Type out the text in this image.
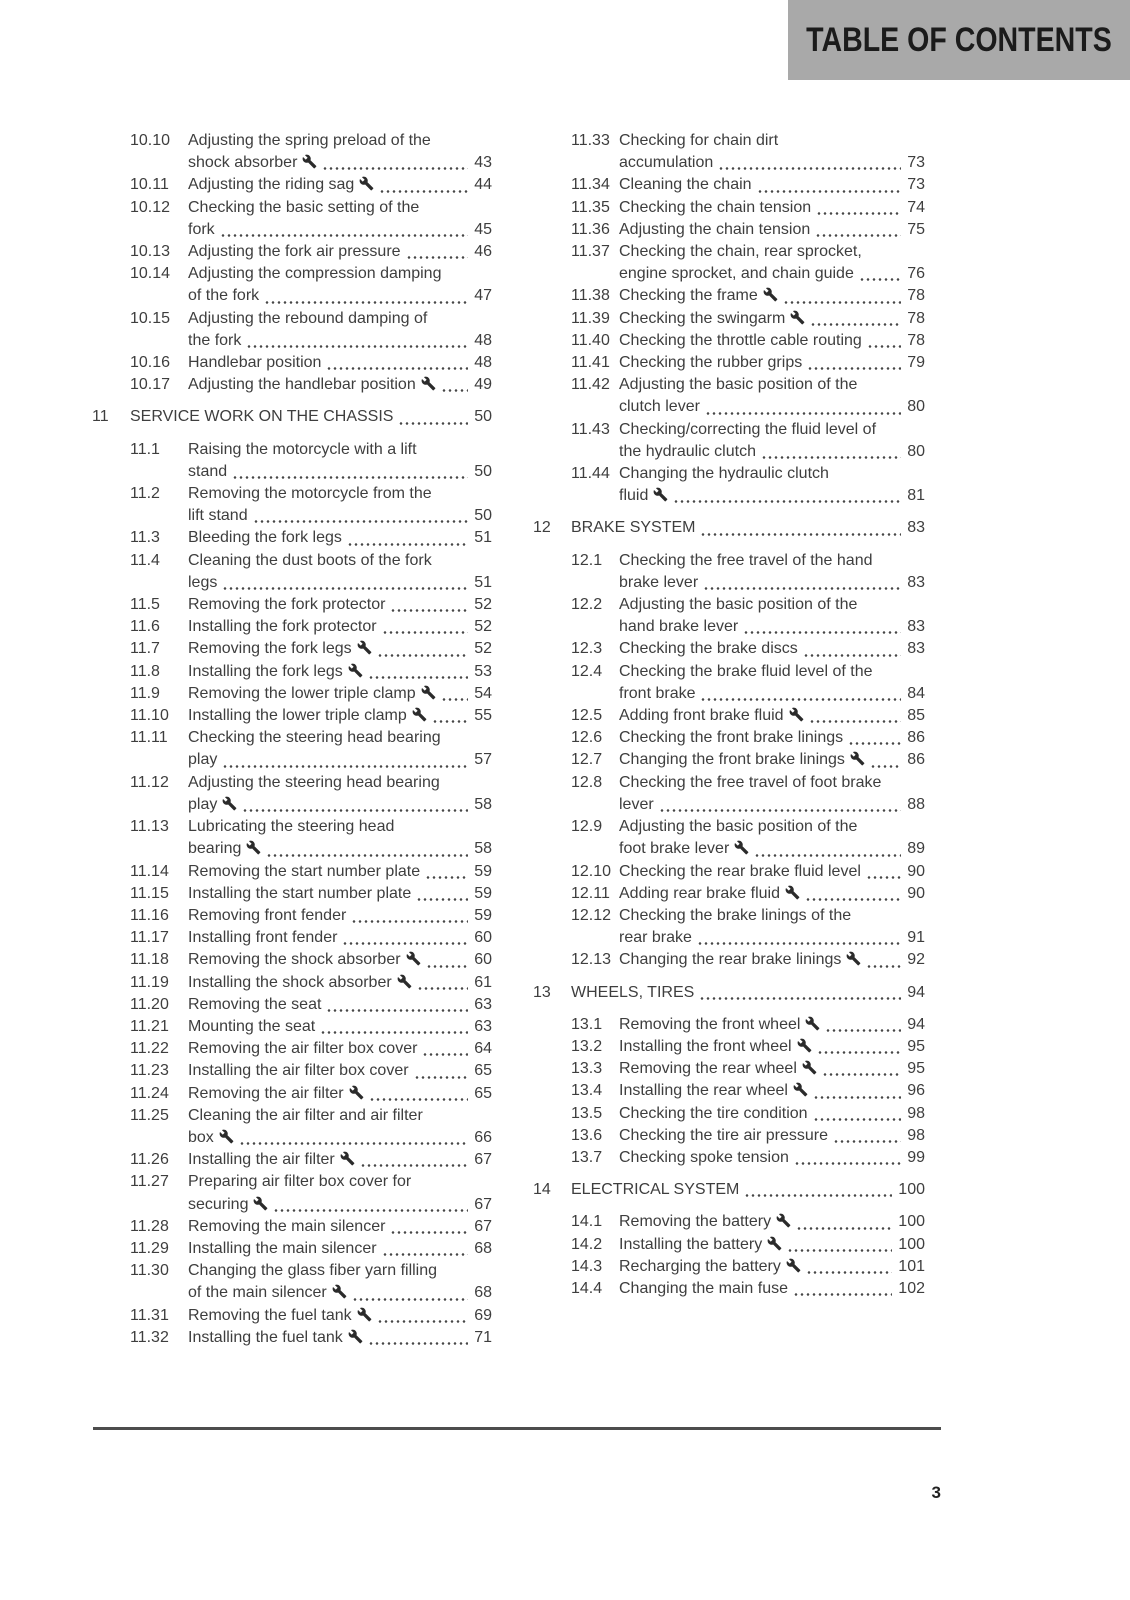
TABLE OF CONTENTS
10.10	Adjusting the spring preload of the
shock absorber	43
10.11	Adjusting the riding sag	44
10.12	Checking the basic setting of the
fork	45
10.13	Adjusting the fork air pressure	46
10.14	Adjusting the compression damping
of the fork	47
10.15	Adjusting the rebound damping of
the fork	48
10.16	Handlebar position	48
10.17	Adjusting the handlebar position	49
11	SERVICE WORK ON THE CHASSIS	50
11.1	Raising the motorcycle with a lift
stand	50
11.2	Removing the motorcycle from the
lift stand	50
11.3	Bleeding the fork legs	51
11.4	Cleaning the dust boots of the fork
legs	51
11.5	Removing the fork protector	52
11.6	Installing the fork protector	52
11.7	Removing the fork legs	52
11.8	Installing the fork legs	53
11.9	Removing the lower triple clamp	54
11.10	Installing the lower triple clamp	55
11.11	Checking the steering head bearing
play	57
11.12	Adjusting the steering head bearing
play	58
11.13	Lubricating the steering head
bearing	58
11.14	Removing the start number plate	59
11.15	Installing the start number plate	59
11.16	Removing front fender	59
11.17	Installing front fender	60
11.18	Removing the shock absorber	60
11.19	Installing the shock absorber	61
11.20	Removing the seat	63
11.21	Mounting the seat	63
11.22	Removing the air filter box cover	64
11.23	Installing the air filter box cover	65
11.24	Removing the air filter	65
11.25	Cleaning the air filter and air filter
box	66
11.26	Installing the air filter	67
11.27	Preparing air filter box cover for
securing	67
11.28	Removing the main silencer	67
11.29	Installing the main silencer	68
11.30	Changing the glass fiber yarn filling
of the main silencer	68
11.31	Removing the fuel tank	69
11.32	Installing the fuel tank	71
11.33 Checking for chain dirt
accumulation	73
11.34 Cleaning the chain	73
11.35 Checking the chain tension	74
11.36 Adjusting the chain tension	75
11.37 Checking the chain, rear sprocket,
engine sprocket, and chain guide	76
11.38 Checking the frame	78
11.39 Checking the swingarm	78
11.40 Checking the throttle cable routing	78
11.41 Checking the rubber grips	79
11.42 Adjusting the basic position of the
clutch lever	80
11.43 Checking/correcting the fluid level of
the hydraulic clutch	80
11.44 Changing the hydraulic clutch
fluid	81
12	BRAKE SYSTEM	83
12.1	Checking the free travel of the hand
brake lever	83
12.2	Adjusting the basic position of the
hand brake lever	83
12.3	Checking the brake discs	83
12.4	Checking the brake fluid level of the
front brake	84
12.5	Adding front brake fluid	85
12.6	Checking the front brake linings	86
12.7	Changing the front brake linings	86
12.8	Checking the free travel of foot brake
lever	88
12.9	Adjusting the basic position of the
foot brake lever	89
12.10 Checking the rear brake fluid level	90
12.11 Adding rear brake fluid	90
12.12 Checking the brake linings of the
rear brake	91
12.13 Changing the rear brake linings	92
13	WHEELS, TIRES	94
13.1	Removing the front wheel	94
13.2	Installing the front wheel	95
13.3	Removing the rear wheel	95
13.4	Installing the rear wheel	96
13.5	Checking the tire condition	98
13.6	Checking the tire air pressure	98
13.7	Checking spoke tension	99
14	ELECTRICAL SYSTEM	100
14.1	Removing the battery	100
14.2	Installing the battery	100
14.3	Recharging the battery	101
14.4	Changing the main fuse	102
3
